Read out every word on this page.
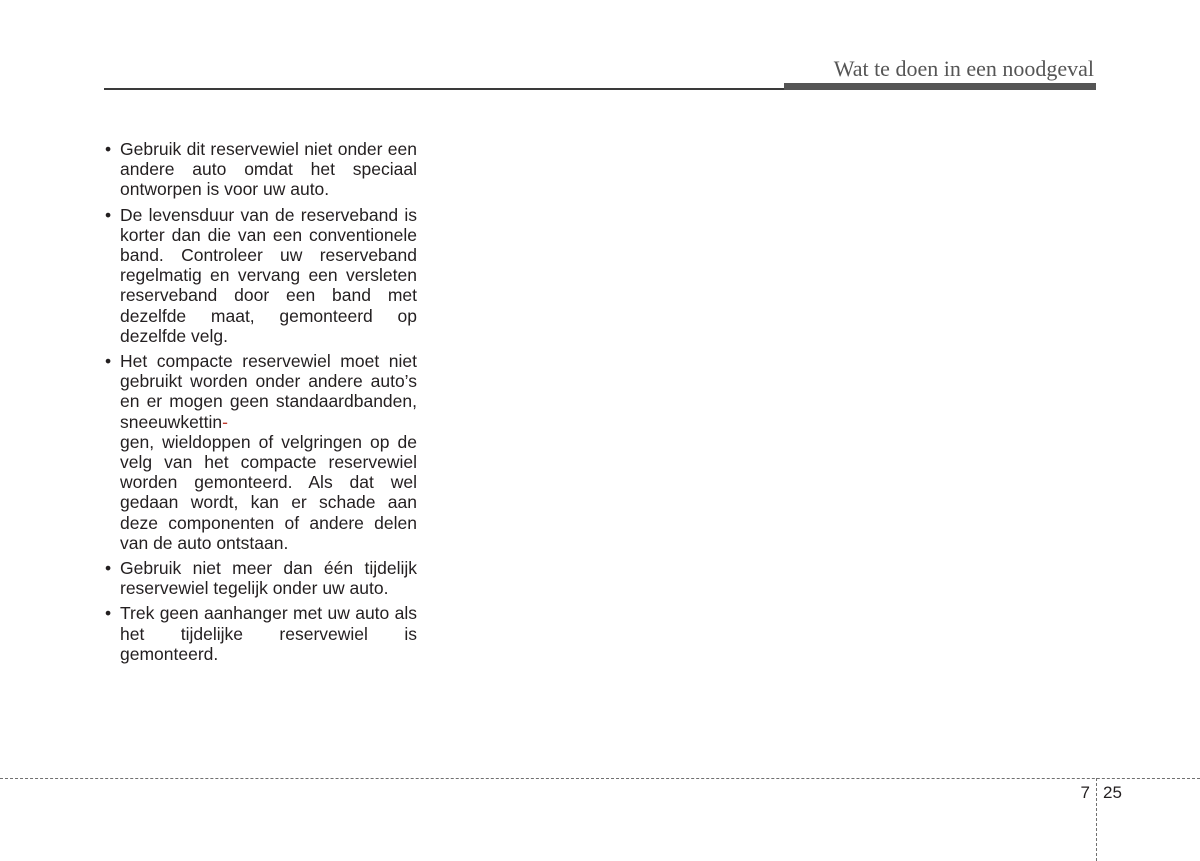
Wat te doen in een noodgeval
• Gebruik dit reservewiel niet onder een andere auto omdat het speciaal ontworpen is voor uw auto.
• De levensduur van de reserveband is korter dan die van een conventionele band. Controleer uw reserveband regelmatig en vervang een versleten reserveband door een band met dezelfde maat, gemonteerd op dezelfde velg.
• Het compacte reservewiel moet niet gebruikt worden onder andere auto’s en er mogen geen standaardbanden, sneeuwkettin-
gen, wieldoppen of velgringen op de velg van het compacte reservewiel worden gemonteerd. Als dat wel gedaan wordt, kan er schade aan deze componenten of andere delen van de auto ontstaan.
• Gebruik niet meer dan één tijdelijk reservewiel tegelijk onder uw auto.
• Trek geen aanhanger met uw auto als het tijdelijke reservewiel is gemonteerd.
7 25
